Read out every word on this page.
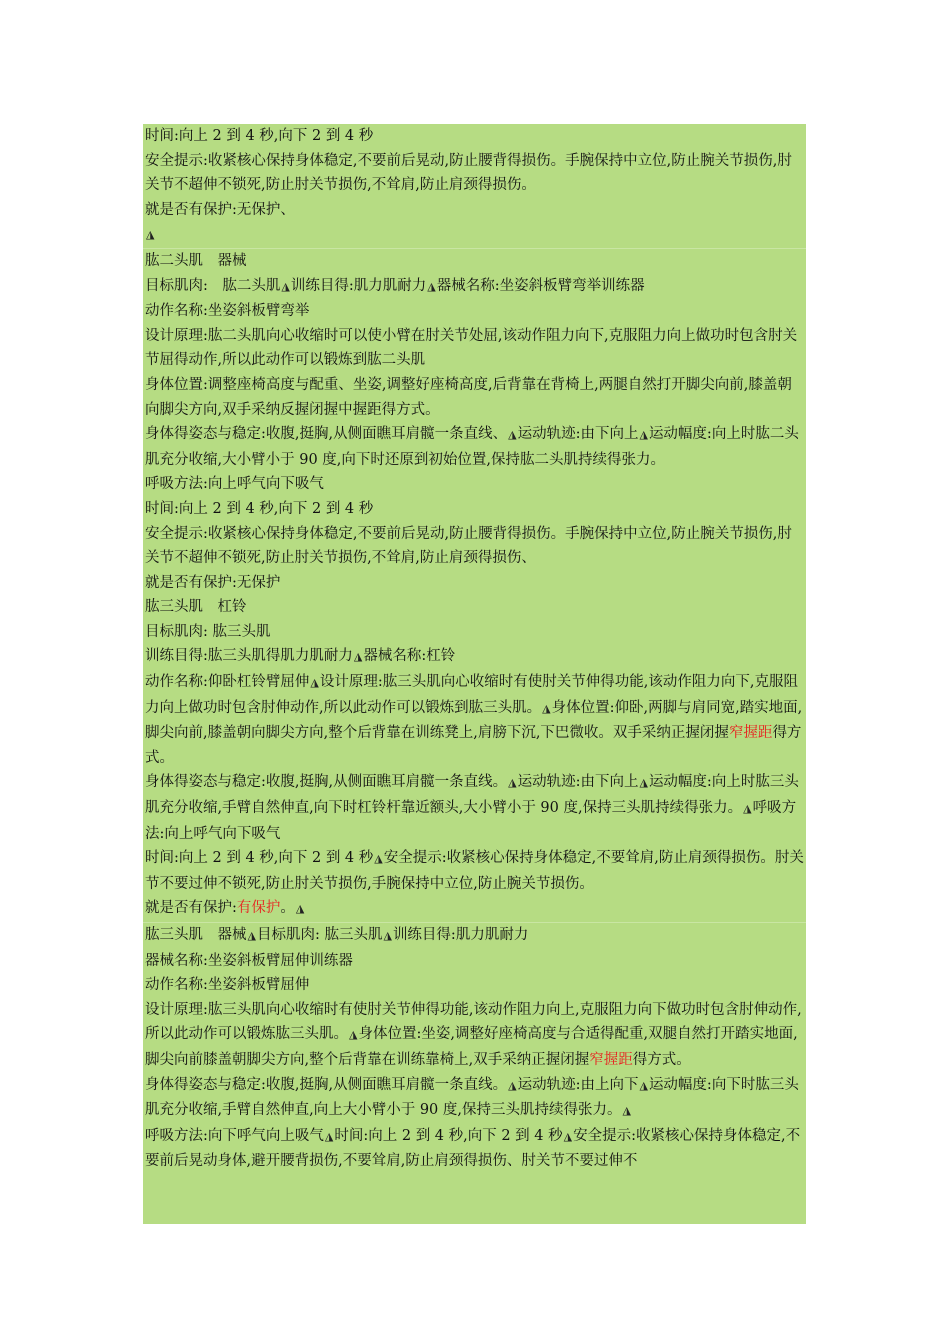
时间:向上 2 到 4 秒,向下 2 到 4 秒
安全提示:收紧核心保持身体稳定,不要前后晃动,防止腰背得损伤。手腕保持中立位,防止腕关节损伤,肘关节不超伸不锁死,防止肘关节损伤,不耸肩,防止肩颈得损伤。
就是否有保护:无保护、
◮
肱二头肌　器械
目标肌肉:　肱二头肌◮训练目得:肌力肌耐力◮器械名称:坐姿斜板臂弯举训练器
动作名称:坐姿斜板臂弯举
设计原理:肱二头肌向心收缩时可以使小臂在肘关节处屈,该动作阻力向下,克服阻力向上做功时包含肘关节屈得动作,所以此动作可以锻炼到肱二头肌
身体位置:调整座椅高度与配重、坐姿,调整好座椅高度,后背靠在背椅上,两腿自然打开脚尖向前,膝盖朝向脚尖方向,双手采纳反握闭握中握距得方式。
身体得姿态与稳定:收腹,挺胸,从侧面瞧耳肩髋一条直线、◮运动轨迹:由下向上◮运动幅度:向上时肱二头肌充分收缩,大小臂小于 90 度,向下时还原到初始位置,保持肱二头肌持续得张力。
呼吸方法:向上呼气向下吸气
时间:向上 2 到 4 秒,向下 2 到 4 秒
安全提示:收紧核心保持身体稳定,不要前后晃动,防止腰背得损伤。手腕保持中立位,防止腕关节损伤,肘关节不超伸不锁死,防止肘关节损伤,不耸肩,防止肩颈得损伤、
就是否有保护:无保护
肱三头肌　杠铃
目标肌肉: 肱三头肌
训练目得:肱三头肌得肌力肌耐力◮器械名称:杠铃
动作名称:仰卧杠铃臂屈伸◮设计原理:肱三头肌向心收缩时有使肘关节伸得功能,该动作阻力向下,克服阻力向上做功时包含肘伸动作,所以此动作可以锻炼到肱三头肌。◮身体位置:仰卧,两脚与肩同宽,踏实地面,脚尖向前,膝盖朝向脚尖方向,整个后背靠在训练凳上,肩膀下沉,下巴微收。双手采纳正握闭握窄握距得方式。
身体得姿态与稳定:收腹,挺胸,从侧面瞧耳肩髋一条直线。◮运动轨迹:由下向上◮运动幅度:向上时肱三头肌充分收缩,手臂自然伸直,向下时杠铃杆靠近额头,大小臂小于 90 度,保持三头肌持续得张力。◮呼吸方法:向上呼气向下吸气
时间:向上 2 到 4 秒,向下 2 到 4 秒◮安全提示:收紧核心保持身体稳定,不要耸肩,防止肩颈得损伤。肘关节不要过伸不锁死,防止肘关节损伤,手腕保持中立位,防止腕关节损伤。
就是否有保护:有保护。◮
肱三头肌　器械◮目标肌肉: 肱三头肌◮训练目得:肌力肌耐力
器械名称:坐姿斜板臂屈伸训练器
动作名称:坐姿斜板臂屈伸
设计原理:肱三头肌向心收缩时有使肘关节伸得功能,该动作阻力向上,克服阻力向下做功时包含肘伸动作,所以此动作可以锻炼肱三头肌。◮身体位置:坐姿,调整好座椅高度与合适得配重,双腿自然打开踏实地面,脚尖向前膝盖朝脚尖方向,整个后背靠在训练靠椅上,双手采纳正握闭握窄握距得方式。
身体得姿态与稳定:收腹,挺胸,从侧面瞧耳肩髋一条直线。◮运动轨迹:由上向下◮运动幅度:向下时肱三头肌充分收缩,手臂自然伸直,向上大小臂小于 90 度,保持三头肌持续得张力。◮
呼吸方法:向下呼气向上吸气◮时间:向上 2 到 4 秒,向下 2 到 4 秒◮安全提示:收紧核心保持身体稳定,不要前后晃动身体,避开腰背损伤,不要耸肩,防止肩颈得损伤、肘关节不要过伸不
